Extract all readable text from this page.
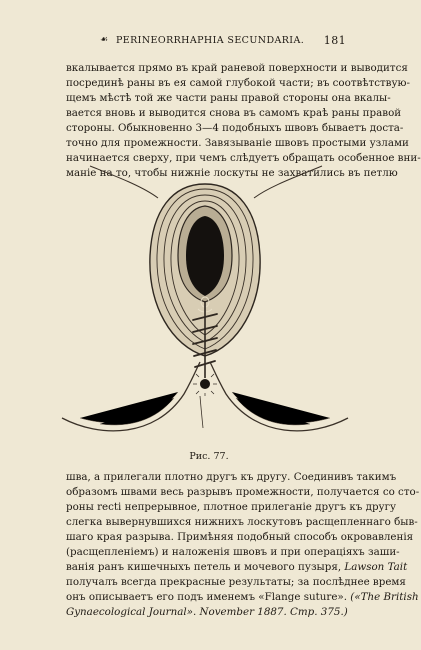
☙ PERINEORRHAPHIA SECUNDARIA. 181

вкалывается прямо въ край раневой поверхности и выводится
посрединѣ раны въ ея самой глубокой части; въ соотвѣтствую-
щемъ мѣстѣ той же части раны правой стороны она вкалы-
вается вновь и выводится снова въ самомъ краѣ раны правой
стороны. Обыкновенно 3—4 подобныхъ швовъ бываетъ доста-
точно для промежности. Завязываніе швовъ простыми узлами
начинается сверху, при чемъ слѣдуетъ обращать особенное вни-
маніе на то, чтобы нижніе лоскуты не захватились въ петлю

Рис. 77.

шва, а прилегали плотно другъ къ другу. Соединивъ такимъ
образомъ швами весь разрывъ промежности, получается со сто-
роны recti непрерывное, плотное прилеганіе другъ къ другу
слегка вывернувшихся нижнихъ лоскутовъ расщепленнаго быв-
шаго края разрыва. Примѣняя подобный способъ окровавленія
(расщепленіемъ) и наложенія швовъ и при операціяхъ заши-
ванія ранъ кишечныхъ петель и мочевого пузыря, Lawson Tait
получалъ всегда прекрасные результаты; за послѣднее время
онъ описываетъ его подъ именемъ «Flange suture». («The British
Gynaecological Journal». November 1887. Стр. 375.)
